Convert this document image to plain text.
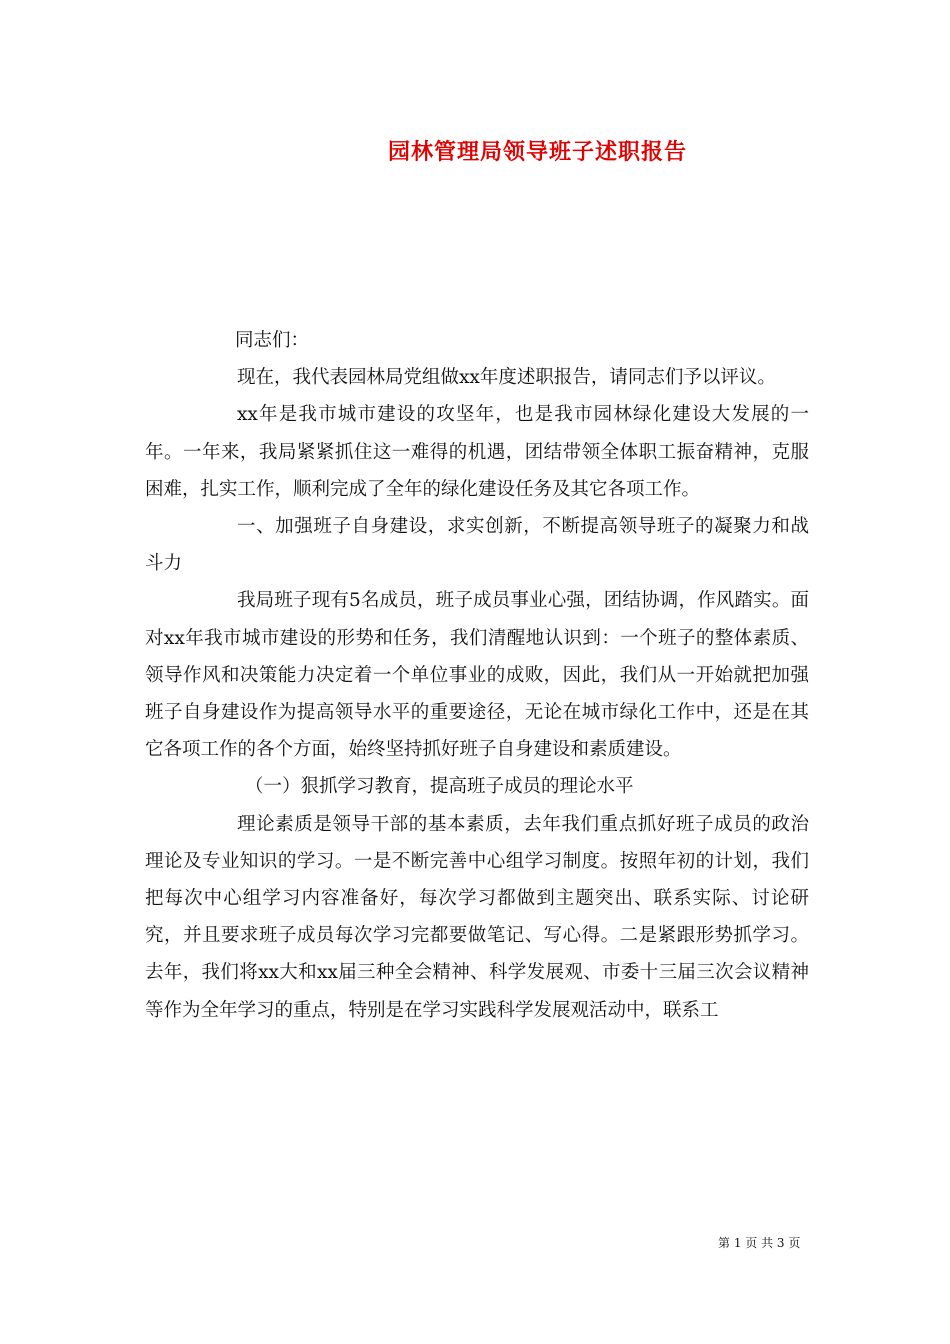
园林管理局领导班子述职报告

同志们：

现在，我代表园林局党组做xx年度述职报告，请同志们予以评议。

xx年是我市城市建设的攻坚年，也是我市园林绿化建设大发展的一年。一年来，我局紧紧抓住这一难得的机遇，团结带领全体职工振奋精神，克服困难，扎实工作，顺利完成了全年的绿化建设任务及其它各项工作。

一、加强班子自身建设，求实创新，不断提高领导班子的凝聚力和战斗力

我局班子现有5名成员，班子成员事业心强，团结协调，作风踏实。面对xx年我市城市建设的形势和任务，我们清醒地认识到：一个班子的整体素质、领导作风和决策能力决定着一个单位事业的成败，因此，我们从一开始就把加强班子自身建设作为提高领导水平的重要途径，无论在城市绿化工作中，还是在其它各项工作的各个方面，始终坚持抓好班子自身建设和素质建设。

（一）狠抓学习教育，提高班子成员的理论水平

理论素质是领导干部的基本素质，去年我们重点抓好班子成员的政治理论及专业知识的学习。一是不断完善中心组学习制度。按照年初的计划，我们把每次中心组学习内容准备好，每次学习都做到主题突出、联系实际、讨论研究，并且要求班子成员每次学习完都要做笔记、写心得。二是紧跟形势抓学习。去年，我们将xx大和xx届三种全会精神、科学发展观、市委十三届三次会议精神等作为全年学习的重点，特别是在学习实践科学发展观活动中，联系工

第 1 页 共 3 页
